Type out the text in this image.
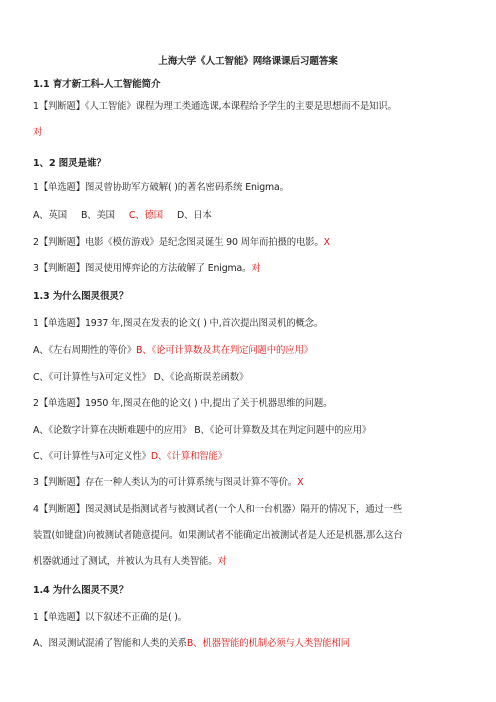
上海大学《人工智能》网络课课后习题答案
1.1 育才新工科-人工智能简介
1【判断题】《人工智能》课程为理工类通选课,本课程给予学生的主要是思想而不是知识。
对
1、2 图灵是谁？
1【单选题】图灵曾协助军方破解( )的著名密码系统 Enigma。
A、英国 B、美国 C、德国 D、日本
2【判断题】电影《模仿游戏》是纪念图灵诞生 90 周年而拍摄的电影。X
3【判断题】图灵使用博弈论的方法破解了 Enigma。对
1.3 为什么图灵很灵？
1【单选题】1937 年,图灵在发表的论文( ) 中,首次提出图灵机的概念。
A、《左右周期性的等价》B、《论可计算数及其在判定问题中的应用》
C、《可计算性与λ可定义性》 D、《论高斯误差函数》
2【单选题】1950 年,图灵在他的论文( ) 中,提出了关于机器思维的问题。
A、《论数字计算在决断难题中的应用》 B、《论可计算数及其在判定问题中的应用》
C、《可计算性与λ可定义性》D、《计算和智能》
3【判断题】存在一种人类认为的可计算系统与图灵计算不等价。X
4【判断题】图灵测试是指测试者与被测试者(一个人和一台机器）隔开的情况下，通过一些
装置(如键盘)向被测试者随意提问。如果测试者不能确定出被测试者是人还是机器,那么这台
机器就通过了测试，并被认为具有人类智能。对
1.4 为什么图灵不灵？
1【单选题】以下叙述不正确的是( )。
A、图灵测试混淆了智能和人类的关系B、机器智能的机制必须与人类智能相同
